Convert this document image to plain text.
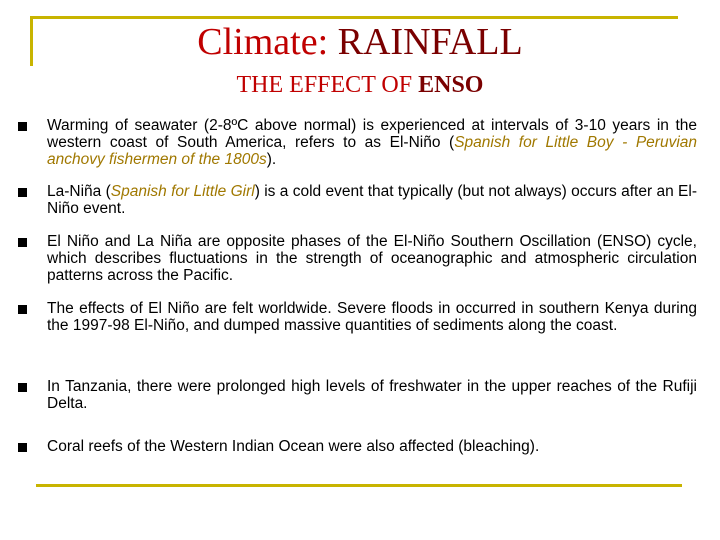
Climate: RAINFALL
THE EFFECT OF ENSO
Warming of seawater (2-8ºC above normal) is experienced at intervals of 3-10 years in the western coast of South America, refers to as El-Niño (Spanish for Little Boy - Peruvian anchovy fishermen of the 1800s).
La-Niña (Spanish for Little Girl) is a cold event that typically (but not always) occurs after an El-Niño event.
El Niño and La Niña are opposite phases of the El-Niño Southern Oscillation (ENSO) cycle, which describes fluctuations in the strength of oceanographic and atmospheric circulation patterns across the Pacific.
The effects of El Niño are felt worldwide. Severe floods in occurred in southern Kenya during the 1997-98 El-Niño, and dumped massive quantities of sediments along the coast.
In Tanzania, there were prolonged high levels of freshwater in the upper reaches of the Rufiji Delta.
Coral reefs of the Western Indian Ocean were also affected (bleaching).
